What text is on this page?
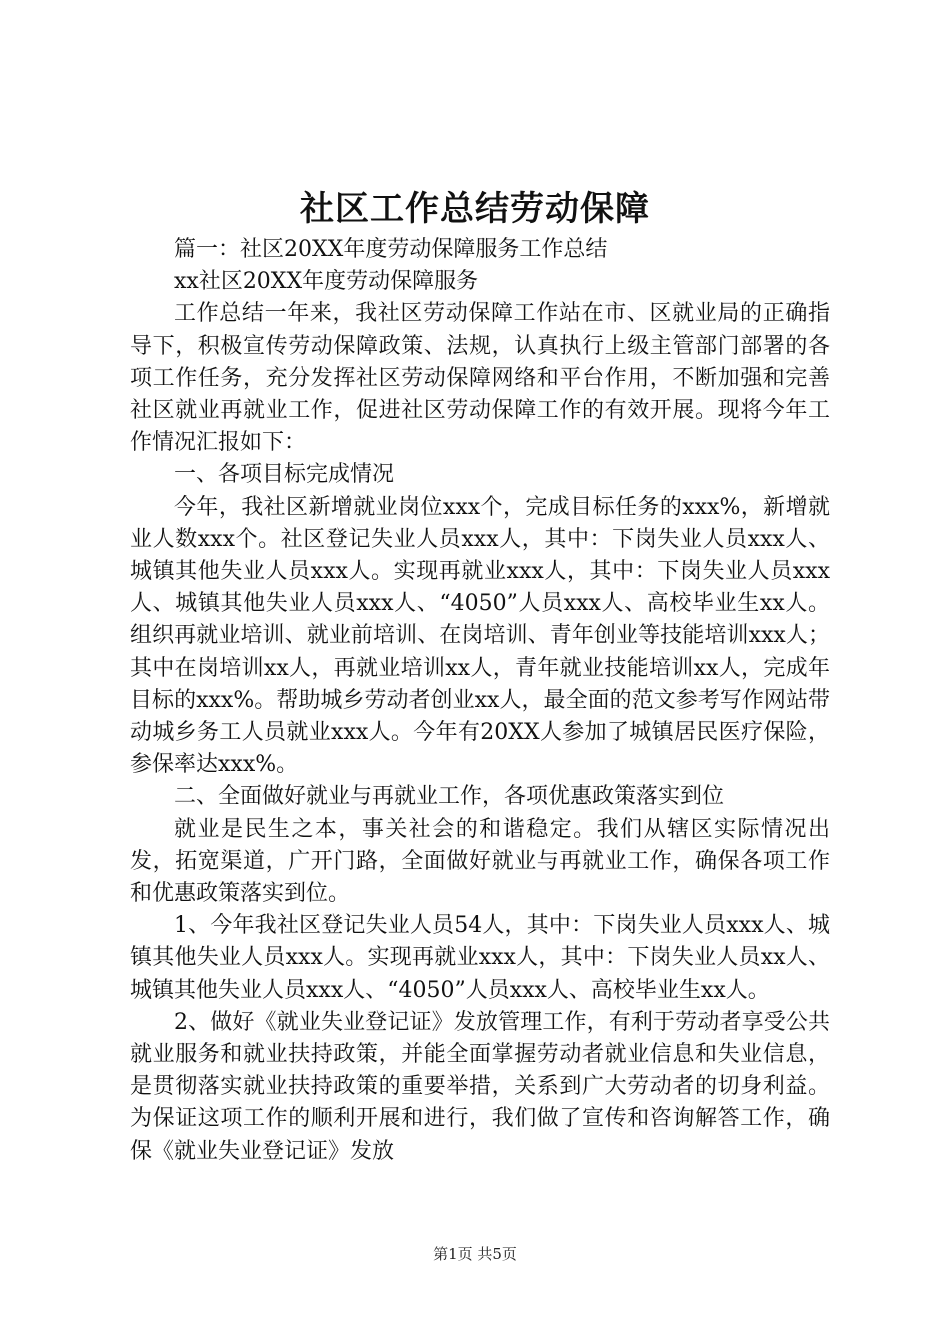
社区工作总结劳动保障

篇一：社区20XX年度劳动保障服务工作总结

xx社区20XX年度劳动保障服务

工作总结一年来，我社区劳动保障工作站在市、区就业局的正确指导下，积极宣传劳动保障政策、法规，认真执行上级主管部门部署的各项工作任务，充分发挥社区劳动保障网络和平台作用，不断加强和完善社区就业再就业工作，促进社区劳动保障工作的有效开展。现将今年工作情况汇报如下：

一、各项目标完成情况

今年，我社区新增就业岗位xxx个，完成目标任务的xxx%，新增就业人数xxx个。社区登记失业人员xxx人，其中：下岗失业人员xxx人、城镇其他失业人员xxx人。实现再就业xxx人，其中：下岗失业人员xxx人、城镇其他失业人员xxx人、“4050”人员xxx人、高校毕业生xx人。组织再就业培训、就业前培训、在岗培训、青年创业等技能培训xxx人；其中在岗培训xx人，再就业培训xx人，青年就业技能培训xx人，完成年目标的xxx%。帮助城乡劳动者创业xx人，最全面的范文参考写作网站带动城乡务工人员就业xxx人。今年有20XX人参加了城镇居民医疗保险，参保率达xxx%。

二、全面做好就业与再就业工作，各项优惠政策落实到位

就业是民生之本，事关社会的和谐稳定。我们从辖区实际情况出发，拓宽渠道，广开门路，全面做好就业与再就业工作，确保各项工作和优惠政策落实到位。

1、今年我社区登记失业人员54人，其中：下岗失业人员xxx人、城镇其他失业人员xxx人。实现再就业xxx人，其中：下岗失业人员xx人、城镇其他失业人员xxx人、“4050”人员xxx人、高校毕业生xx人。

2、做好《就业失业登记证》发放管理工作，有利于劳动者享受公共就业服务和就业扶持政策，并能全面掌握劳动者就业信息和失业信息，是贯彻落实就业扶持政策的重要举措，关系到广大劳动者的切身利益。为保证这项工作的顺利开展和进行，我们做了宣传和咨询解答工作，确保《就业失业登记证》发放

第1页 共5页
